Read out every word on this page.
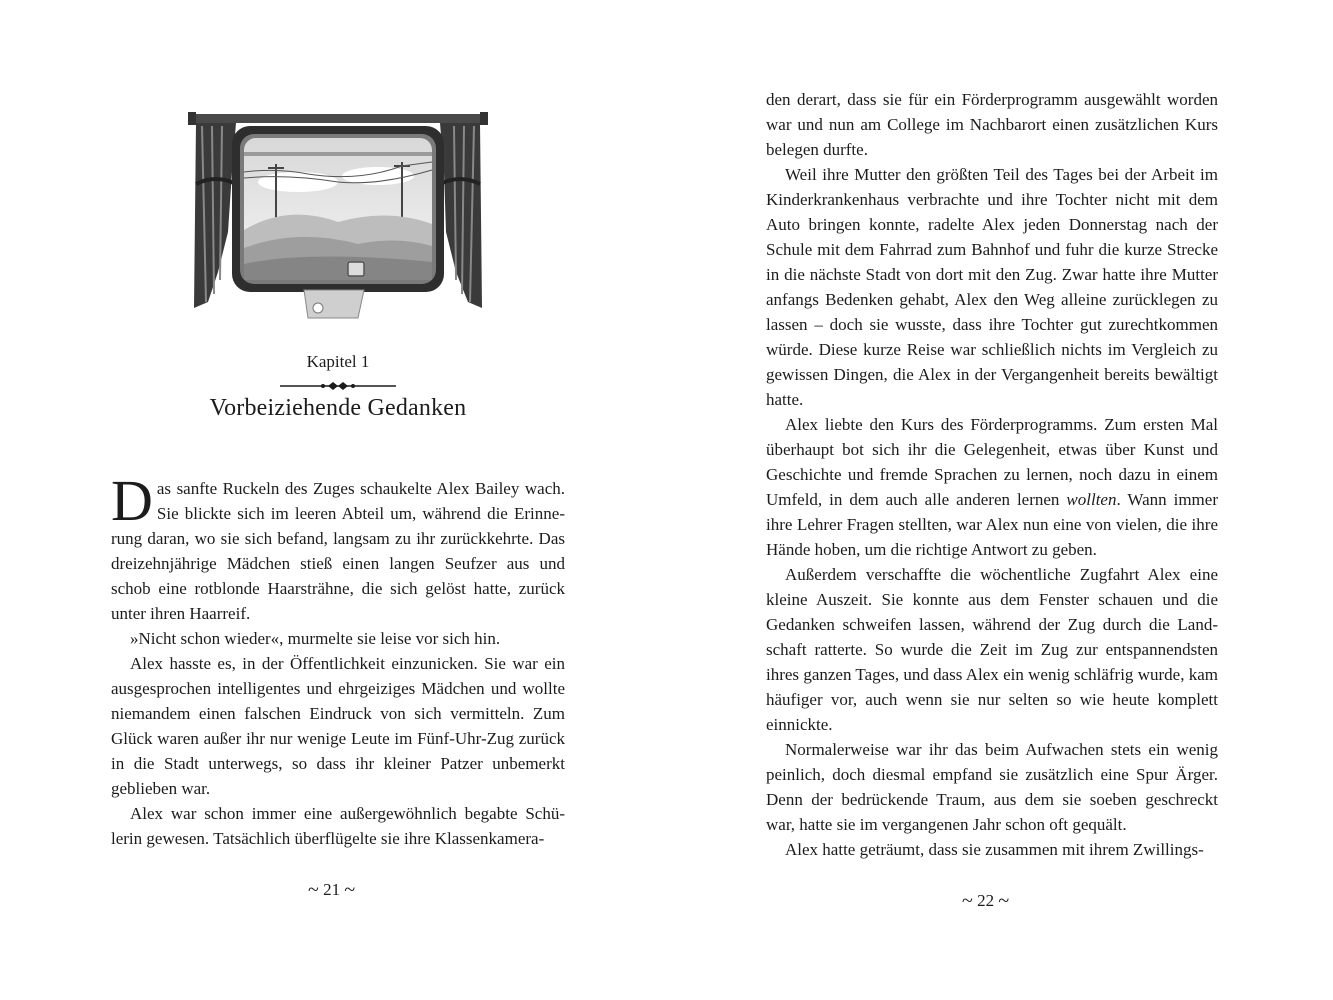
Kapitel 1
Vorbeiziehende Gedanken

Das sanfte Ruckeln des Zuges schaukelte Alex Bailey wach. Sie blickte sich im leeren Abteil um, während die Erinnerung daran, wo sie sich befand, langsam zu ihr zurückkehrte. Das dreizehnjährige Mädchen stieß einen langen Seufzer aus und schob eine rotblonde Haarsträhne, die sich gelöst hatte, zurück unter ihren Haarreif.

»Nicht schon wieder«, murmelte sie leise vor sich hin.

Alex hasste es, in der Öffentlichkeit einzunicken. Sie war ein ausgesprochen intelligentes und ehrgeiziges Mädchen und wollte niemandem einen falschen Eindruck von sich vermitteln. Zum Glück waren außer ihr nur wenige Leute im Fünf-Uhr-Zug zurück in die Stadt unterwegs, so dass ihr kleiner Patzer unbemerkt geblieben war.

Alex war schon immer eine außergewöhnlich begabte Schülerin gewesen. Tatsächlich überflügelte sie ihre Klassenkamera-

~ 21 ~

den derart, dass sie für ein Förderprogramm ausgewählt worden war und nun am College im Nachbarort einen zusätzlichen Kurs belegen durfte.

Weil ihre Mutter den größten Teil des Tages bei der Arbeit im Kinderkrankenhaus verbrachte und ihre Tochter nicht mit dem Auto bringen konnte, radelte Alex jeden Donnerstag nach der Schule mit dem Fahrrad zum Bahnhof und fuhr die kurze Strecke in die nächste Stadt von dort mit den Zug. Zwar hatte ihre Mutter anfangs Bedenken gehabt, Alex den Weg alleine zurücklegen zu lassen – doch sie wusste, dass ihre Tochter gut zurechtkommen würde. Diese kurze Reise war schließlich nichts im Vergleich zu gewissen Dingen, die Alex in der Vergangenheit bereits bewältigt hatte.

Alex liebte den Kurs des Förderprogramms. Zum ersten Mal überhaupt bot sich ihr die Gelegenheit, etwas über Kunst und Geschichte und fremde Sprachen zu lernen, noch dazu in einem Umfeld, in dem auch alle anderen lernen wollten. Wann immer ihre Lehrer Fragen stellten, war Alex nun eine von vielen, die ihre Hände hoben, um die richtige Antwort zu geben.

Außerdem verschaffte die wöchentliche Zugfahrt Alex eine kleine Auszeit. Sie konnte aus dem Fenster schauen und die Gedanken schweifen lassen, während der Zug durch die Landschaft ratterte. So wurde die Zeit im Zug zur entspannendsten ihres ganzen Tages, und dass Alex ein wenig schläfrig wurde, kam häufiger vor, auch wenn sie nur selten so wie heute komplett einnickte.

Normalerweise war ihr das beim Aufwachen stets ein wenig peinlich, doch diesmal empfand sie zusätzlich eine Spur Ärger. Denn der bedrückende Traum, aus dem sie soeben geschreckt war, hatte sie im vergangenen Jahr schon oft gequält.

Alex hatte geträumt, dass sie zusammen mit ihrem Zwillings-

~ 22 ~
